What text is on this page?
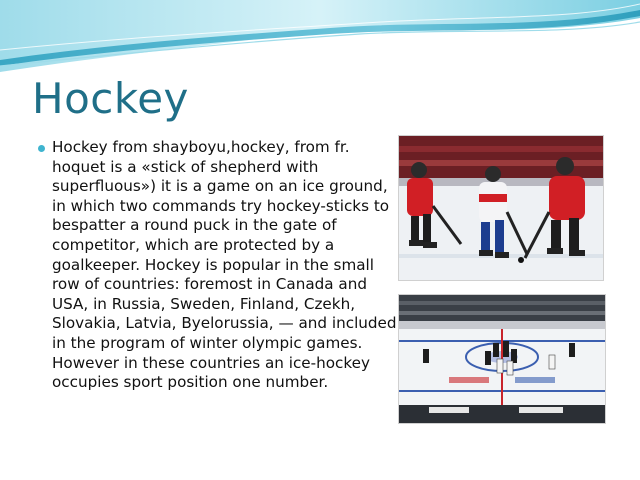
Hockey
Hockey from shayboyu,hockey, from fr. hoquet is a «stick of shepherd with superfluous») it is a game on an ice ground, in which two commands try hockey-sticks to bespatter a round puck in the gate of competitor, which are protected by a goalkeeper. Hockey is popular in the small row of countries: foremost in Canada and USA, in Russia, Sweden, Finland, Czekh, Slovakia, Latvia, Byelorussia, — and included in the program of winter olympic games. However in these countries an ice-hockey occupies sport position one number.
